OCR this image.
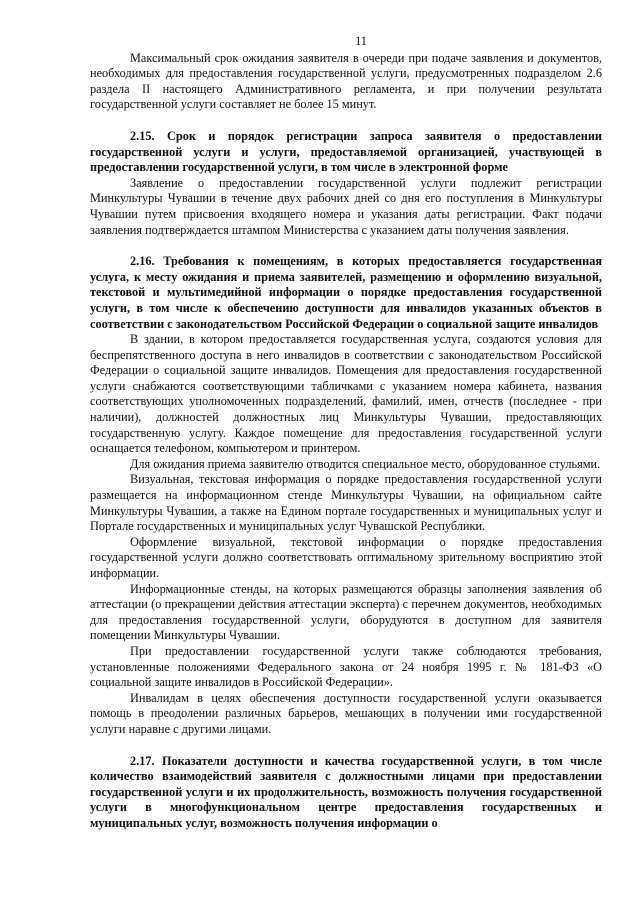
11

Максимальный срок ожидания заявителя в очереди при подаче заявления и документов, необходимых для предоставления государственной услуги, предусмотренных подразделом 2.6 раздела II настоящего Административного регламента, и при получении результата государственной услуги составляет не более 15 минут.

2.15. Срок и порядок регистрации запроса заявителя о предоставлении государственной услуги и услуги, предоставляемой организацией, участвующей в предоставлении государственной услуги, в том числе в электронной форме

Заявление о предоставлении государственной услуги подлежит регистрации Минкультуры Чувашии в течение двух рабочих дней со дня его поступления в Минкультуры Чувашии путем присвоения входящего номера и указания даты регистрации. Факт подачи заявления подтверждается штампом Министерства с указанием даты получения заявления.

2.16. Требования к помещениям, в которых предоставляется государственная услуга, к месту ожидания и приема заявителей, размещению и оформлению визуальной, текстовой и мультимедийной информации о порядке предоставления государственной услуги, в том числе к обеспечению доступности для инвалидов указанных объектов в соответствии с законодательством Российской Федерации о социальной защите инвалидов

В здании, в котором предоставляется государственная услуга, создаются условия для беспрепятственного доступа в него инвалидов в соответствии с законодательством Российской Федерации о социальной защите инвалидов. Помещения для предоставления государственной услуги снабжаются соответствующими табличками с указанием номера кабинета, названия соответствующих уполномоченных подразделений, фамилий, имен, отчеств (последнее - при наличии), должностей должностных лиц Минкультуры Чувашии, предоставляющих государственную услугу. Каждое помещение для предоставления государственной услуги оснащается телефоном, компьютером и принтером.

Для ожидания приема заявителю отводится специальное место, оборудованное стульями.

Визуальная, текстовая информация о порядке предоставления государственной услуги размещается на информационном стенде Минкультуры Чувашии, на официальном сайте Минкультуры Чувашии, а также на Едином портале государственных и муниципальных услуг и Портале государственных и муниципальных услуг Чувашской Республики.

Оформление визуальной, текстовой информации о порядке предоставления государственной услуги должно соответствовать оптимальному зрительному восприятию этой информации.

Информационные стенды, на которых размещаются образцы заполнения заявления об аттестации (о прекращении действия аттестации эксперта) с перечнем документов, необходимых для предоставления государственной услуги, оборудуются в доступном для заявителя помещении Минкультуры Чувашии.

При предоставлении государственной услуги также соблюдаются требования, установленные положениями Федерального закона от 24 ноября 1995 г. № 181-ФЗ «О социальной защите инвалидов в Российской Федерации».

Инвалидам в целях обеспечения доступности государственной услуги оказывается помощь в преодолении различных барьеров, мешающих в получении ими государственной услуги наравне с другими лицами.

2.17. Показатели доступности и качества государственной услуги, в том числе количество взаимодействий заявителя с должностными лицами при предоставлении государственной услуги и их продолжительность, возможность получения государственной услуги в многофункциональном центре предоставления государственных и муниципальных услуг, возможность получения информации о
